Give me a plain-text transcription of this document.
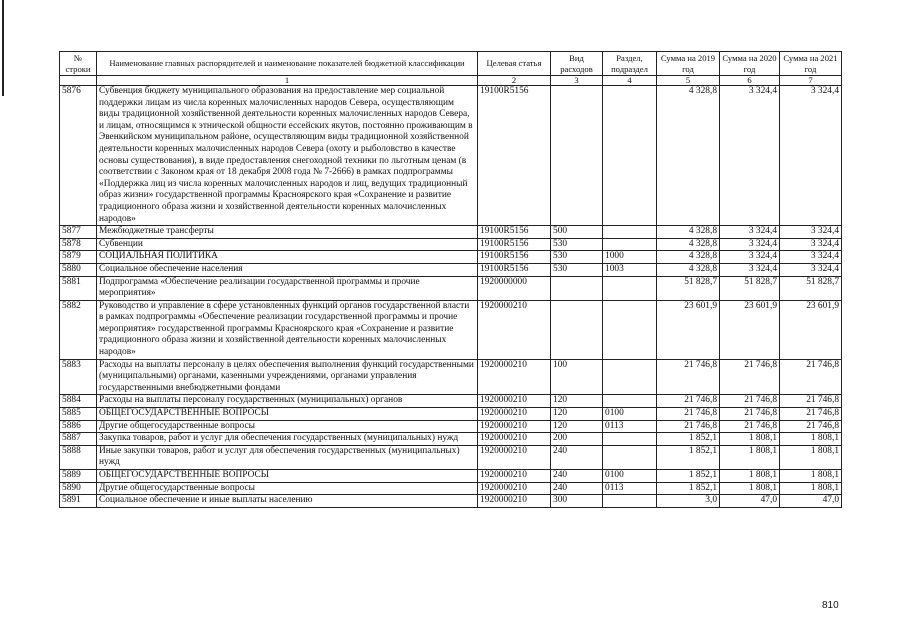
№ строки	Наименование главных распорядителей и наименование показателей бюджетной классификации	Целевая статья	Вид расходов	Раздел, подраздел	Сумма на 2019 год	Сумма на 2020 год	Сумма на 2021 год
	1	2	3	4	5	6	7
5876	Субвенция бюджету муниципального образования на предоставление мер социальной поддержки лицам из числа коренных малочисленных народов Севера, осуществляющим виды традиционной хозяйственной деятельности коренных малочисленных народов Севера, и лицам, относящимся к этнической общности ессейских якутов, постоянно проживающим в Эвенкийском муниципальном районе, осуществляющим виды традиционной хозяйственной деятельности коренных малочисленных народов Севера (охоту и рыболовство в качестве основы существования), в виде предоставления снегоходной техники по льготным ценам (в соответствии с Законом края от 18 декабря 2008 года № 7-2666) в рамках подпрограммы «Поддержка лиц из числа коренных малочисленных народов и лиц, ведущих традиционный образ жизни» государственной программы Красноярского края «Сохранение и развитие традиционного образа жизни и хозяйственной деятельности коренных малочисленных народов»	19100R5156			4 328,8	3 324,4	3 324,4
5877	Межбюджетные трансферты	19100R5156	500		4 328,8	3 324,4	3 324,4
5878	Субвенции	19100R5156	530		4 328,8	3 324,4	3 324,4
5879	СОЦИАЛЬНАЯ ПОЛИТИКА	19100R5156	530	1000	4 328,8	3 324,4	3 324,4
5880	Социальное обеспечение населения	19100R5156	530	1003	4 328,8	3 324,4	3 324,4
5881	Подпрограмма «Обеспечение реализации государственной программы и прочие мероприятия»	1920000000			51 828,7	51 828,7	51 828,7
5882	Руководство и управление в сфере установленных функций органов государственной власти в рамках подпрограммы «Обеспечение реализации государственной программы и прочие мероприятия» государственной программы Красноярского края «Сохранение и развитие традиционного образа жизни и хозяйственной деятельности коренных малочисленных народов»	1920000210			23 601,9	23 601,9	23 601,9
5883	Расходы на выплаты персоналу в целях обеспечения выполнения функций государственными (муниципальными) органами, казенными учреждениями, органами управления государственными внебюджетными фондами	1920000210	100		21 746,8	21 746,8	21 746,8
5884	Расходы на выплаты персоналу государственных (муниципальных) органов	1920000210	120		21 746,8	21 746,8	21 746,8
5885	ОБЩЕГОСУДАРСТВЕННЫЕ ВОПРОСЫ	1920000210	120	0100	21 746,8	21 746,8	21 746,8
5886	Другие общегосударственные вопросы	1920000210	120	0113	21 746,8	21 746,8	21 746,8
5887	Закупка товаров, работ и услуг для обеспечения государственных (муниципальных) нужд	1920000210	200		1 852,1	1 808,1	1 808,1
5888	Иные закупки товаров, работ и услуг для обеспечения государственных (муниципальных) нужд	1920000210	240		1 852,1	1 808,1	1 808,1
5889	ОБЩЕГОСУДАРСТВЕННЫЕ ВОПРОСЫ	1920000210	240	0100	1 852,1	1 808,1	1 808,1
5890	Другие общегосударственные вопросы	1920000210	240	0113	1 852,1	1 808,1	1 808,1
5891	Социальное обеспечение и иные выплаты населению	1920000210	300		3,0	47,0	47,0
810
